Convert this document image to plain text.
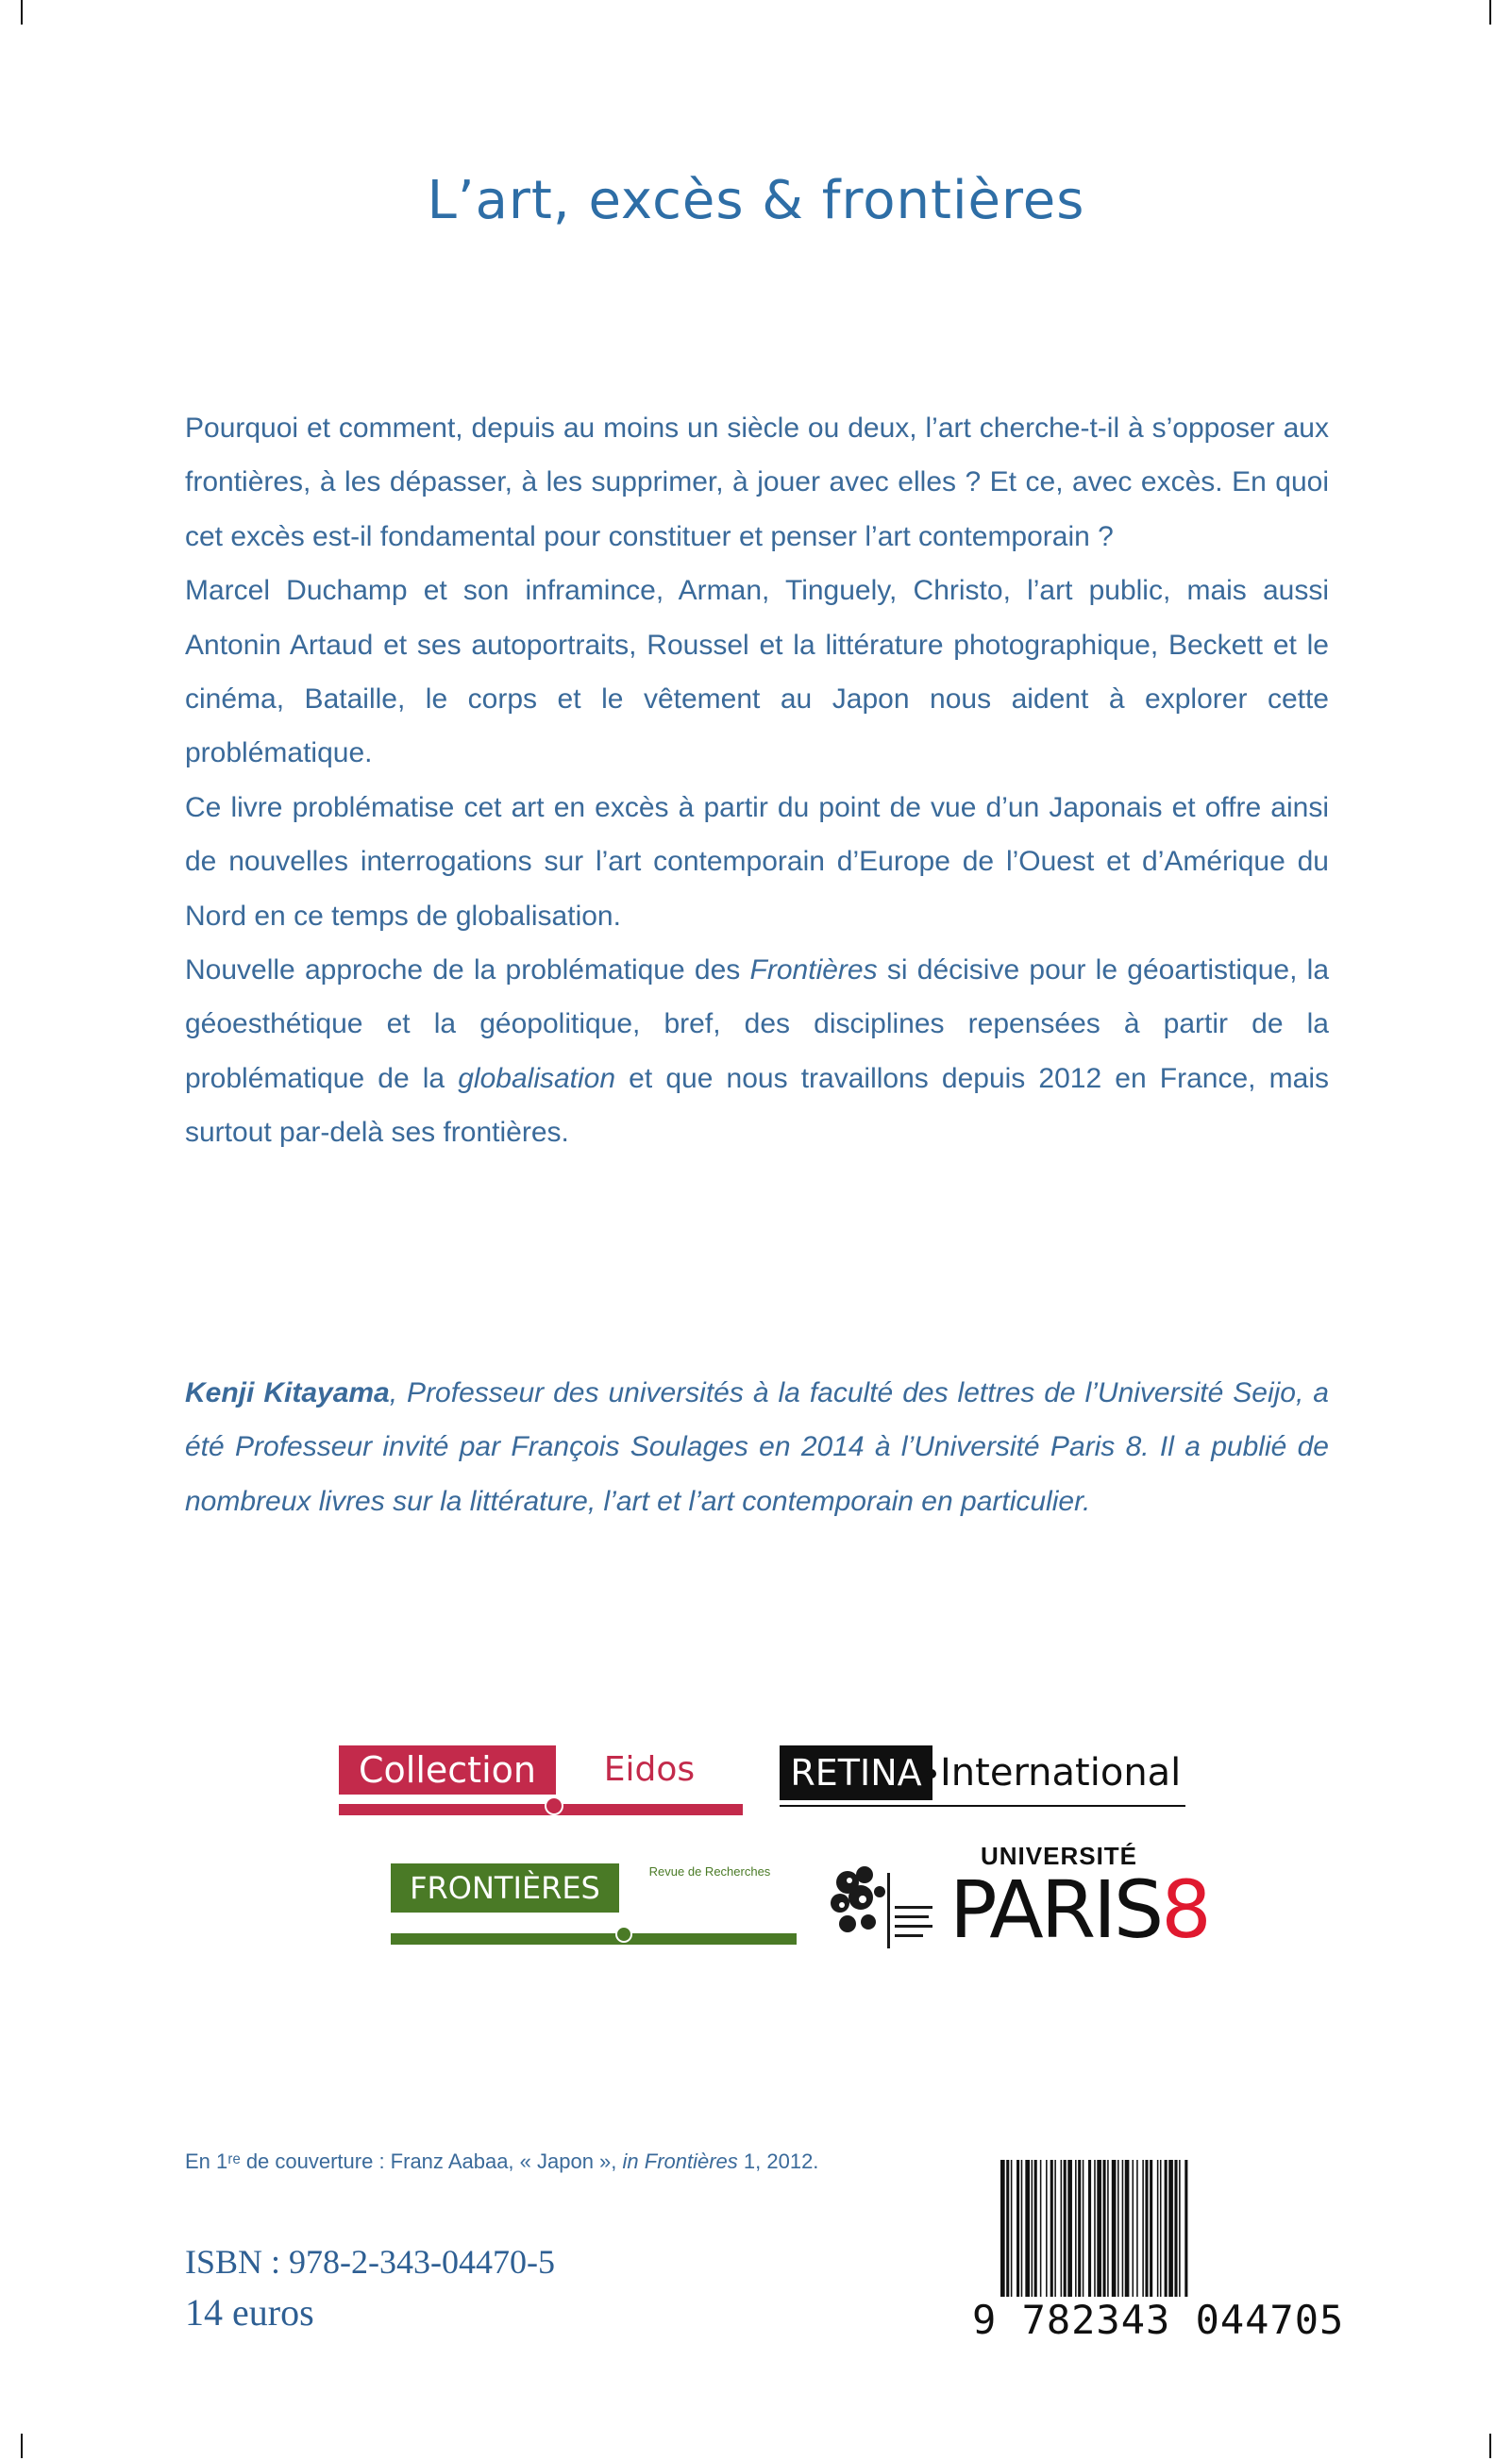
L’art, excès & frontières

Pourquoi et comment, depuis au moins un siècle ou deux, l’art cherche-t-il à s’opposer aux frontières, à les dépasser, à les supprimer, à jouer avec elles ? Et ce, avec excès. En quoi cet excès est-il fondamental pour constituer et penser l’art contemporain ?

Marcel Duchamp et son inframince, Arman, Tinguely, Christo, l’art public, mais aussi Antonin Artaud et ses autoportraits, Roussel et la littérature photographique, Beckett et le cinéma, Bataille, le corps et le vêtement au Japon nous aident à explorer cette problématique.

Ce livre problématise cet art en excès à partir du point de vue d’un Japonais et offre ainsi de nouvelles interrogations sur l’art contemporain d’Europe de l’Ouest et d’Amérique du Nord en ce temps de globalisation.

Nouvelle approche de la problématique des Frontières si décisive pour le géoartistique, la géoesthétique et la géopolitique, bref, des disciplines repensées à partir de la problématique de la globalisation et que nous travaillons depuis 2012 en France, mais surtout par-delà ses frontières.

Kenji Kitayama, Professeur des universités à la faculté des lettres de l’Université Seijo, a été Professeur invité par François Soulages en 2014 à l’Université Paris 8. Il a publié de nombreux livres sur la littérature, l’art et l’art contemporain en particulier.
Collection	Eidos	RETINA International
FRONTIÈRES	Revue de Recherches
UNIVERSITÉ
PARIS8
En 1ʳᵉ de couverture : Franz Aabaa, « Japon », in Frontières 1, 2012.
ISBN : 978-2-343-04470-5
14 euros	9 782343 044705
